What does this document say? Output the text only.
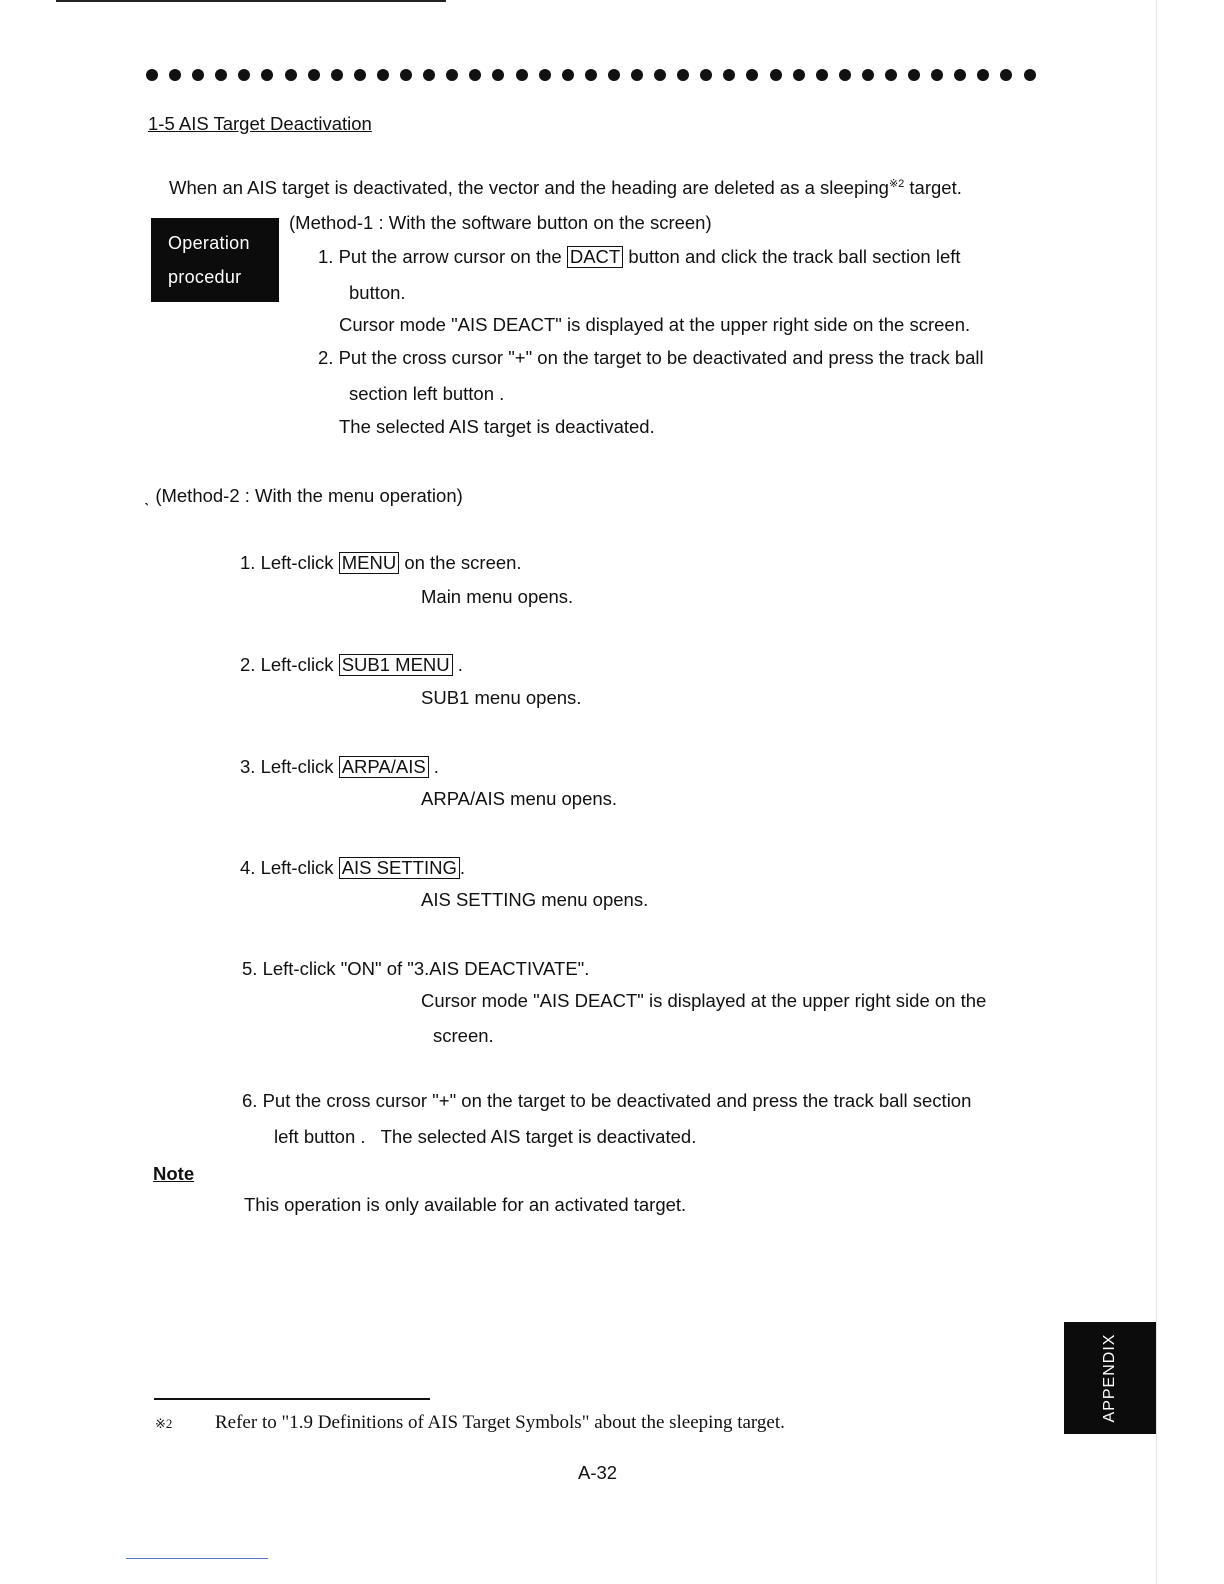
1-5 AIS Target Deactivation
When an AIS target is deactivated, the vector and the heading are deleted as a sleeping$^{※2}$ target.
Operation
procedur
(Method-1 : With the software button on the screen)
1. Put the arrow cursor on the DACT button and click the track ball section left
button.
Cursor mode "AIS DEACT" is displayed at the upper right side on the screen.
2. Put the cross cursor "+" on the target to be deactivated and press the track ball
section left button .
The selected AIS target is deactivated.
ˎ (Method-2 : With the menu operation)
1. Left-click MENU on the screen.
Main menu opens.
2. Left-click SUB1 MENU .
SUB1 menu opens.
3. Left-click ARPA/AIS .
ARPA/AIS menu opens.
4. Left-click AIS SETTING .
AIS SETTING menu opens.
5. Left-click "ON" of "3.AIS DEACTIVATE".
Cursor mode "AIS DEACT" is displayed at the upper right side on the
screen.
6. Put the cross cursor "+" on the target to be deactivated and press the track ball section
left button .   The selected AIS target is deactivated.
Note
This operation is only available for an activated target.
※2 Refer to "1.9 Definitions of AIS Target Symbols" about the sleeping target.
A-32
APPENDIX
